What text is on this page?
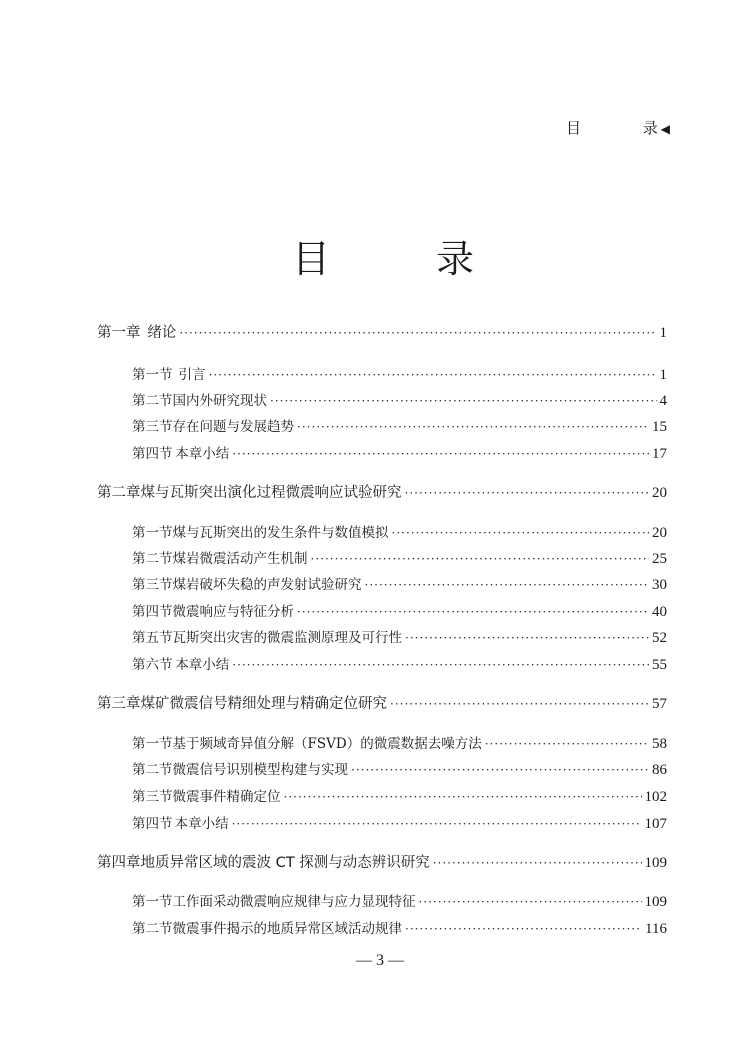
目	录 ◀
目	录
第一章 绪论 ·····	1
第一节 引言 ·····	1
第二节 国内外研究现状 ·····	4
第三节 存在问题与发展趋势 ·····	15
第四节 本章小结 ·····	17
第二章 煤与瓦斯突出演化过程微震响应试验研究 ·····	20
第一节 煤与瓦斯突出的发生条件与数值模拟 ·····	20
第二节 煤岩微震活动产生机制 ·····	25
第三节 煤岩破坏失稳的声发射试验研究 ·····	30
第四节 微震响应与特征分析 ·····	40
第五节 瓦斯突出灾害的微震监测原理及可行性 ·····	52
第六节 本章小结 ·····	55
第三章 煤矿微震信号精细处理与精确定位研究 ·····	57
第一节 基于频域奇异值分解（FSVD）的微震数据去噪方法 ·····	58
第二节 微震信号识别模型构建与实现 ·····	86
第三节 微震事件精确定位 ·····	102
第四节 本章小结 ·····	107
第四章 地质异常区域的震波 CT 探测与动态辨识研究 ·····	109
第一节 工作面采动微震响应规律与应力显现特征 ·····	109
第二节 微震事件揭示的地质异常区域活动规律 ·····	116
— 3 —
